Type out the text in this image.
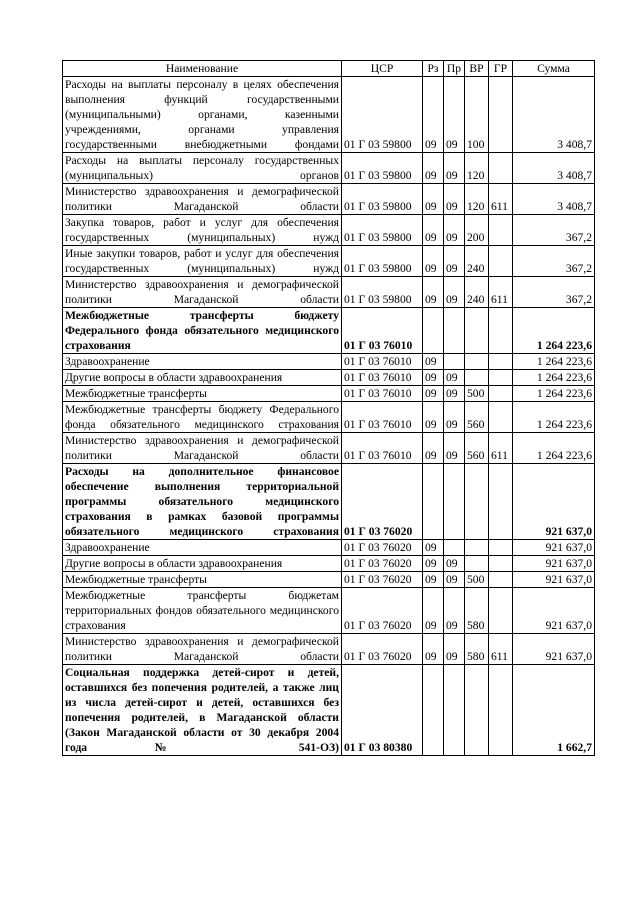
Наименование	ЦСР	Рз	Пр	ВР	ГР	Сумма
Расходы на выплаты персоналу в целях обеспечения выполнения функций государственными (муниципальными) органами, казенными учреждениями, органами управления государственными внебюджетными фондами	01 Г 03 59800	09	09	100		3 408,7
Расходы на выплаты персоналу государственных (муниципальных) органов	01 Г 03 59800	09	09	120		3 408,7
Министерство здравоохранения и демографической политики Магаданской области	01 Г 03 59800	09	09	120	611	3 408,7
Закупка товаров, работ и услуг для обеспечения государственных (муниципальных) нужд	01 Г 03 59800	09	09	200		367,2
Иные закупки товаров, работ и услуг для обеспечения государственных (муниципальных) нужд	01 Г 03 59800	09	09	240		367,2
Министерство здравоохранения и демографической политики Магаданской области	01 Г 03 59800	09	09	240	611	367,2
Межбюджетные трансферты бюджету Федерального фонда обязательного медицинского страхования	01 Г 03 76010					1 264 223,6
Здравоохранение	01 Г 03 76010	09				1 264 223,6
Другие вопросы в области здравоохранения	01 Г 03 76010	09	09			1 264 223,6
Межбюджетные трансферты	01 Г 03 76010	09	09	500		1 264 223,6
Межбюджетные трансферты бюджету Федерального фонда обязательного медицинского страхования	01 Г 03 76010	09	09	560		1 264 223,6
Министерство здравоохранения и демографической политики Магаданской области	01 Г 03 76010	09	09	560	611	1 264 223,6
Расходы на дополнительное финансовое обеспечение выполнения территориальной программы обязательного медицинского страхования в рамках базовой программы обязательного медицинского страхования	01 Г 03 76020					921 637,0
Здравоохранение	01 Г 03 76020	09				921 637,0
Другие вопросы в области здравоохранения	01 Г 03 76020	09	09			921 637,0
Межбюджетные трансферты	01 Г 03 76020	09	09	500		921 637,0
Межбюджетные трансферты бюджетам территориальных фондов обязательного медицинского страхования	01 Г 03 76020	09	09	580		921 637,0
Министерство здравоохранения и демографической политики Магаданской области	01 Г 03 76020	09	09	580	611	921 637,0
Социальная поддержка детей-сирот и детей, оставшихся без попечения родителей, а также лиц из числа детей-сирот и детей, оставшихся без попечения родителей, в Магаданской области (Закон Магаданской области от 30 декабря 2004 года № 541-ОЗ)	01 Г 03 80380					1 662,7
